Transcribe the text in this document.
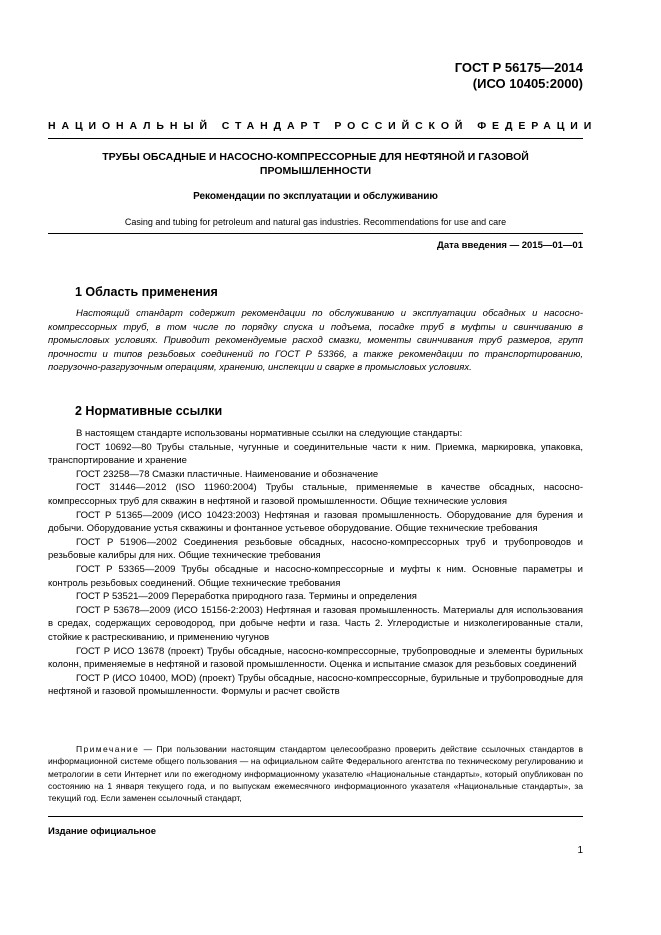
ГОСТ Р 56175—2014
(ИСО 10405:2000)
НАЦИОНАЛЬНЫЙ СТАНДАРТ РОССИЙСКОЙ ФЕДЕРАЦИИ
ТРУБЫ ОБСАДНЫЕ И НАСОСНО-КОМПРЕССОРНЫЕ ДЛЯ НЕФТЯНОЙ И ГАЗОВОЙ ПРОМЫШЛЕННОСТИ
Рекомендации по эксплуатации и обслуживанию
Casing and tubing for petroleum and natural gas industries. Recommendations for use and care
Дата введения — 2015—01—01
1 Область применения
Настоящий стандарт содержит рекомендации по обслуживанию и эксплуатации обсадных и насосно-компрессорных труб, в том числе по порядку спуска и подъема, посадке труб в муфты и свинчиванию в промысловых условиях. Приводит рекомендуемые расход смазки, моменты свинчивания труб размеров, групп прочности и типов резьбовых соединений по ГОСТ Р 53366, а также рекомендации по транспортированию, погрузочно-разгрузочным операциям, хранению, инспекции и сварке в промысловых условиях.
2 Нормативные ссылки

В настоящем стандарте использованы нормативные ссылки на следующие стандарты:

ГОСТ 10692—80 Трубы стальные, чугунные и соединительные части к ним. Приемка, маркировка, упаковка, транспортирование и хранение

ГОСТ 23258—78 Смазки пластичные. Наименование и обозначение

ГОСТ 31446—2012 (ISO 11960:2004) Трубы стальные, применяемые в качестве обсадных, насосно-компрессорных труб для скважин в нефтяной и газовой промышленности. Общие технические условия

ГОСТ Р 51365—2009 (ИСО 10423:2003) Нефтяная и газовая промышленность. Оборудование для бурения и добычи. Оборудование устья скважины и фонтанное устьевое оборудование. Общие технические требования

ГОСТ Р 51906—2002 Соединения резьбовые обсадных, насосно-компрессорных труб и трубопроводов и резьбовые калибры для них. Общие технические требования

ГОСТ Р 53365—2009 Трубы обсадные и насосно-компрессорные и муфты к ним. Основные параметры и контроль резьбовых соединений. Общие технические требования

ГОСТ Р 53521—2009 Переработка природного газа. Термины и определения

ГОСТ Р 53678—2009 (ИСО 15156-2:2003) Нефтяная и газовая промышленность. Материалы для использования в средах, содержащих сероводород, при добыче нефти и газа. Часть 2. Углеродистые и низколегированные стали, стойкие к растрескиванию, и применению чугунов

ГОСТ Р ИСО 13678 (проект) Трубы обсадные, насосно-компрессорные, трубопроводные и элементы бурильных колонн, применяемые в нефтяной и газовой промышленности. Оценка и испытание смазок для резьбовых соединений

ГОСТ Р (ИСО 10400, MOD) (проект) Трубы обсадные, насосно-компрессорные, бурильные и трубопроводные для нефтяной и газовой промышленности. Формулы и расчет свойств

Примечание — При пользовании настоящим стандартом целесообразно проверить действие ссылочных стандартов в информационной системе общего пользования — на официальном сайте Федерального агентства по техническому регулированию и метрологии в сети Интернет или по ежегодному информационному указателю «Национальные стандарты», который опубликован по состоянию на 1 января текущего года, и по выпускам ежемесячного информационного указателя «Национальные стандарты», за текущий год. Если заменен ссылочный стандарт,
Издание официальное
1
